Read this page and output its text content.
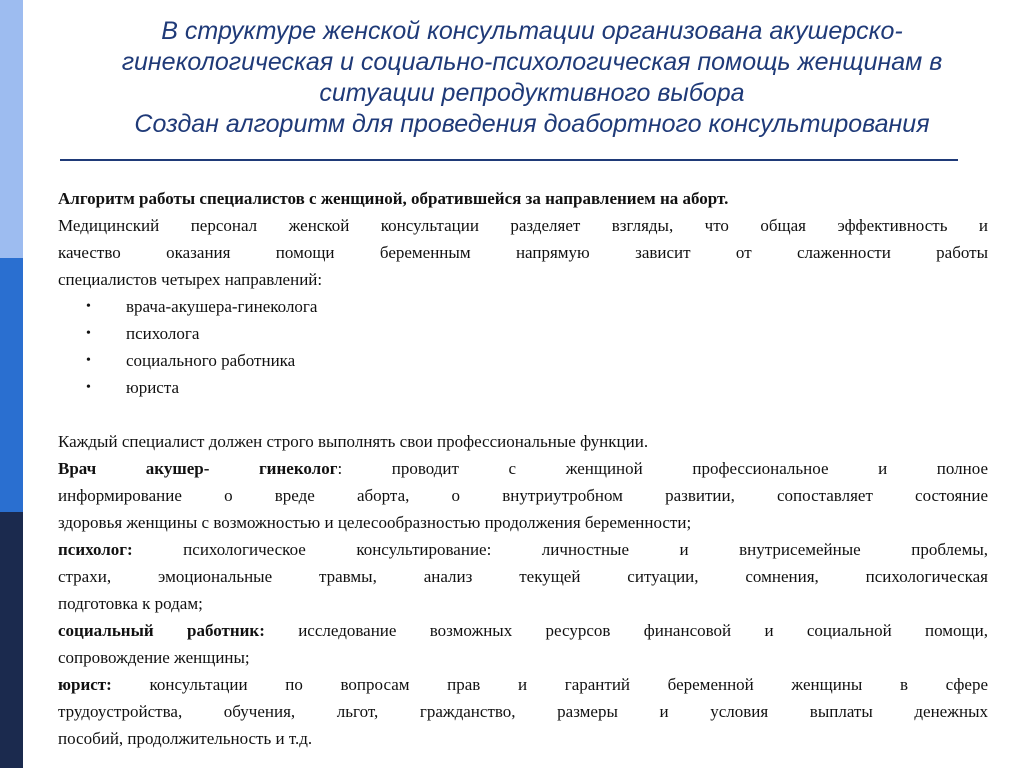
В структуре женской консультации организована акушерско-
гинекологическая и социально-психологическая помощь женщинам в
ситуации репродуктивного выбора
Создан алгоритм для проведения доабортного консультирования

Алгоритм работы специалистов с женщиной, обратившейся за направлением на аборт.

Медицинский персонал женской консультации разделяет взгляды, что общая эффективность и

качество оказания помощи беременным напрямую зависит от слаженности работы

специалистов четырех направлений:

• врача-акушера-гинеколога
• психолога
• социального работника
• юриста

Каждый специалист должен строго выполнять свои профессиональные функции.

Врач акушер- гинеколог: проводит с женщиной профессиональное и полное

информирование о вреде аборта, о внутриутробном развитии, сопоставляет состояние

здоровья женщины с возможностью и целесообразностью продолжения беременности;

психолог: психологическое консультирование: личностные и внутрисемейные проблемы,

страхи, эмоциональные травмы, анализ текущей ситуации, сомнения, психологическая

подготовка к родам;

социальный работник: исследование возможных ресурсов финансовой и социальной помощи,

сопровождение женщины;

юрист: консультации по вопросам прав и гарантий беременной женщины в сфере

трудоустройства, обучения, льгот, гражданство, размеры и условия выплаты денежных

пособий, продолжительность и т.д.
